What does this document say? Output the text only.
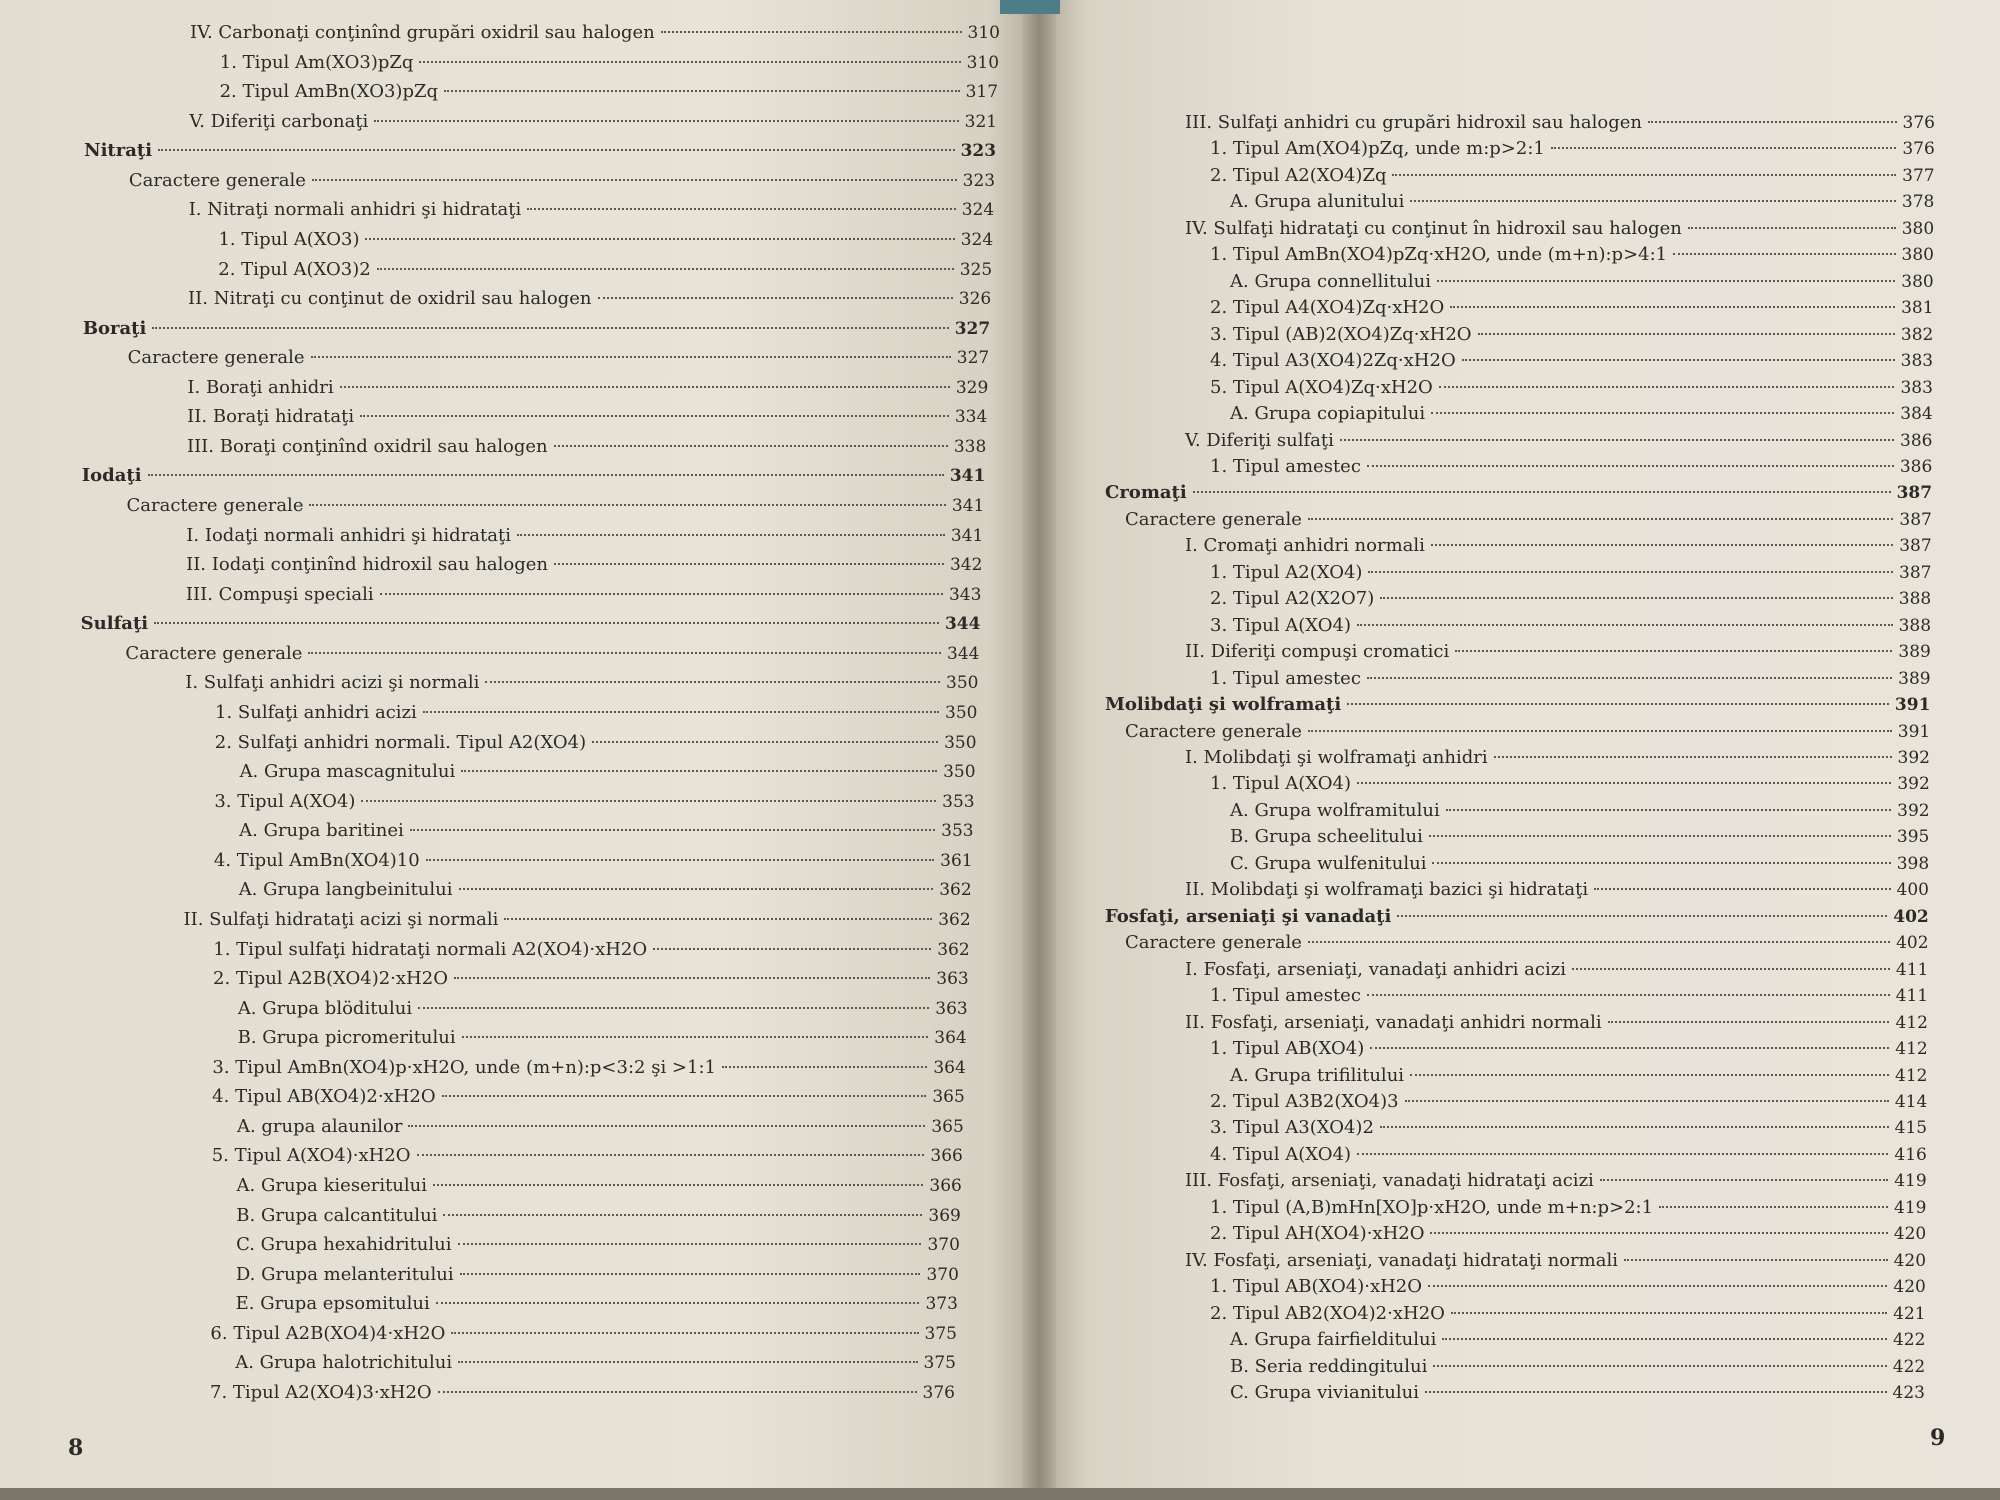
IV. Carbonaţi conţinînd grupări oxidril sau halogen	310
1. Tipul Am(XO3)pZq	310
2. Tipul AmBn(XO3)pZq	317
V. Diferiţi carbonaţi	321
Nitraţi	323
Caractere generale	323
I. Nitraţi normali anhidri şi hidrataţi	324
1. Tipul A(XO3)	324
2. Tipul A(XO3)2	325
II. Nitraţi cu conţinut de oxidril sau halogen	326
Boraţi	327
Caractere generale	327
I. Boraţi anhidri	329
II. Boraţi hidrataţi	334
III. Boraţi conţinînd oxidril sau halogen	338
Iodaţi	341
Caractere generale	341
I. Iodaţi normali anhidri şi hidrataţi	341
II. Iodaţi conţinînd hidroxil sau halogen	342
III. Compuşi speciali	343
Sulfaţi	344
Caractere generale	344
I. Sulfaţi anhidri acizi şi normali	350
1. Sulfaţi anhidri acizi	350
2. Sulfaţi anhidri normali. Tipul A2(XO4)	350
A. Grupa mascagnitului	350
3. Tipul A(XO4)	353
A. Grupa baritinei	353
4. Tipul AmBn(XO4)10	361
A. Grupa langbeinitului	362
II. Sulfaţi hidrataţi acizi şi normali	362
1. Tipul sulfaţi hidrataţi normali A2(XO4)·xH2O	362
2. Tipul A2B(XO4)2·xH2O	363
A. Grupa blöditului	363
B. Grupa picromeritului	364
3. Tipul AmBn(XO4)p·xH2O, unde (m+n):p<3:2 şi >1:1	364
4. Tipul AB(XO4)2·xH2O	365
A. grupa alaunilor	365
5. Tipul A(XO4)·xH2O	366
A. Grupa kieseritului	366
B. Grupa calcantitului	369
C. Grupa hexahidritului	370
D. Grupa melanteritului	370
E. Grupa epsomitului	373
6. Tipul A2B(XO4)4·xH2O	375
A. Grupa halotrichitului	375
7. Tipul A2(XO4)3·xH2O	376
8
III. Sulfaţi anhidri cu grupări hidroxil sau halogen	376
1. Tipul Am(XO4)pZq, unde m:p>2:1	376
2. Tipul A2(XO4)Zq	377
A. Grupa alunitului	378
IV. Sulfaţi hidrataţi cu conţinut în hidroxil sau halogen	380
1. Tipul AmBn(XO4)pZq·xH2O, unde (m+n):p>4:1	380
A. Grupa connellitului	380
2. Tipul A4(XO4)Zq·xH2O	381
3. Tipul (AB)2(XO4)Zq·xH2O	382
4. Tipul A3(XO4)2Zq·xH2O	383
5. Tipul A(XO4)Zq·xH2O	383
A. Grupa copiapitului	384
V. Diferiţi sulfaţi	386
1. Tipul amestec	386
Cromaţi	387
Caractere generale	387
I. Cromaţi anhidri normali	387
1. Tipul A2(XO4)	387
2. Tipul A2(X2O7)	388
3. Tipul A(XO4)	388
II. Diferiţi compuşi cromatici	389
1. Tipul amestec	389
Molibdaţi şi wolframaţi	391
Caractere generale	391
I. Molibdaţi şi wolframaţi anhidri	392
1. Tipul A(XO4)	392
A. Grupa wolframitului	392
B. Grupa scheelitului	395
C. Grupa wulfenitului	398
II. Molibdaţi şi wolframaţi bazici şi hidrataţi	400
Fosfaţi, arseniaţi şi vanadaţi	402
Caractere generale	402
I. Fosfaţi, arseniaţi, vanadaţi anhidri acizi	411
1. Tipul amestec	411
II. Fosfaţi, arseniaţi, vanadaţi anhidri normali	412
1. Tipul AB(XO4)	412
A. Grupa trifilitului	412
2. Tipul A3B2(XO4)3	414
3. Tipul A3(XO4)2	415
4. Tipul A(XO4)	416
III. Fosfaţi, arseniaţi, vanadaţi hidrataţi acizi	419
1. Tipul (A,B)mHn[XO]p·xH2O, unde m+n:p>2:1	419
2. Tipul AH(XO4)·xH2O	420
IV. Fosfaţi, arseniaţi, vanadaţi hidrataţi normali	420
1. Tipul AB(XO4)·xH2O	420
2. Tipul AB2(XO4)2·xH2O	421
A. Grupa fairfielditului	422
B. Seria reddingitului	422
C. Grupa vivianitului	423
9
